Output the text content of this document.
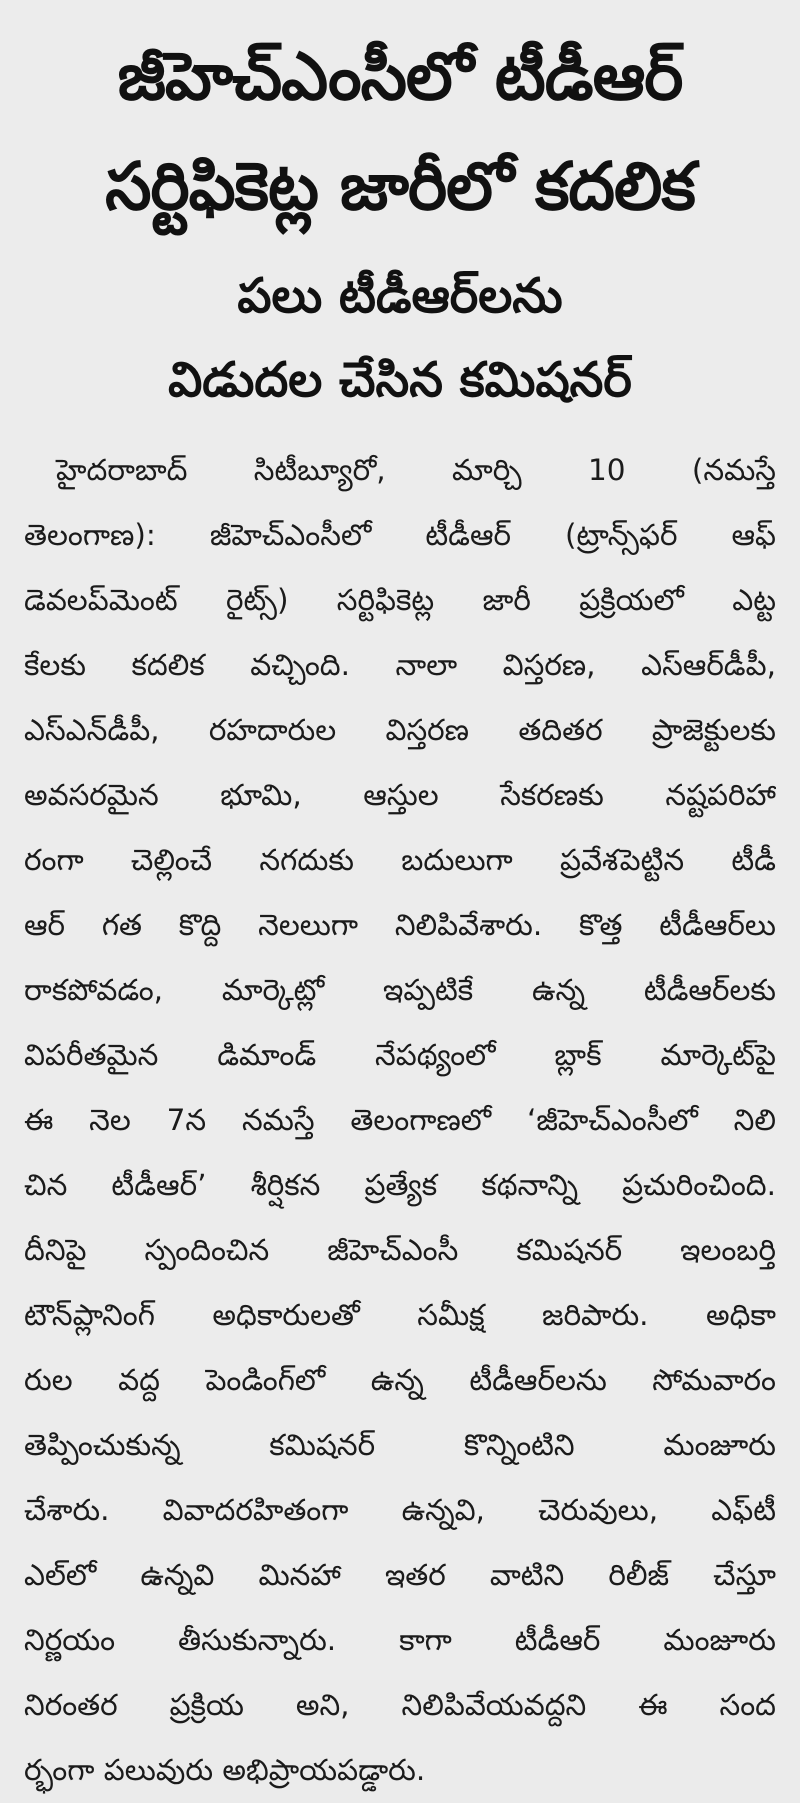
జీహెచ్ఎంసీలో టీడీఆర్
సర్టిఫికెట్ల జారీలో కదలిక
పలు టీడీఆర్‌లను
విడుదల చేసిన కమిషనర్
హైదరాబాద్ సిటీబ్యూరో, మార్చి 10 (నమస్తే
తెలంగాణ): జీహెచ్ఎంసీలో టీడీఆర్ (ట్రాన్స్‌ఫర్ ఆఫ్
డెవలప్‌మెంట్ రైట్స్) సర్టిఫికెట్ల జారీ ప్రక్రియలో ఎట్ట
కేలకు కదలిక వచ్చింది. నాలా విస్తరణ, ఎస్ఆర్‌డీపీ,
ఎస్ఎన్‌డీపీ, రహదారుల విస్తరణ తదితర ప్రాజెక్టులకు
అవసరమైన భూమి, ఆస్తుల సేకరణకు నష్టపరిహా
రంగా చెల్లించే నగదుకు బదులుగా ప్రవేశపెట్టిన టీడీ
ఆర్ గత కొద్ది నెలలుగా నిలిపివేశారు. కొత్త టీడీఆర్‌లు
రాకపోవడం, మార్కెట్లో ఇప్పటికే ఉన్న టీడీఆర్‌లకు
విపరీతమైన డిమాండ్ నేపథ్యంలో బ్లాక్ మార్కెట్‌పై
ఈ నెల 7న నమస్తే తెలంగాణలో ‘జీహెచ్ఎంసీలో నిలి
చిన టీడీఆర్’ శీర్షికన ప్రత్యేక కథనాన్ని ప్రచురించింది.
దీనిపై స్పందించిన జీహెచ్ఎంసీ కమిషనర్ ఇలంబర్తి
టౌన్‌ప్లానింగ్ అధికారులతో సమీక్ష జరిపారు. అధికా
రుల వద్ద పెండింగ్‌లో ఉన్న టీడీఆర్‌లను సోమవారం
తెప్పించుకున్న కమిషనర్ కొన్నింటిని మంజూరు
చేశారు. వివాదరహితంగా ఉన్నవి, చెరువులు, ఎఫ్‌టీ
ఎల్‌లో ఉన్నవి మినహా ఇతర వాటిని రిలీజ్ చేస్తూ
నిర్ణయం తీసుకున్నారు. కాగా టీడీఆర్ మంజూరు
నిరంతర ప్రక్రియ అని, నిలిపివేయవద్దని ఈ సంద
ర్భంగా పలువురు అభిప్రాయపడ్డారు.
